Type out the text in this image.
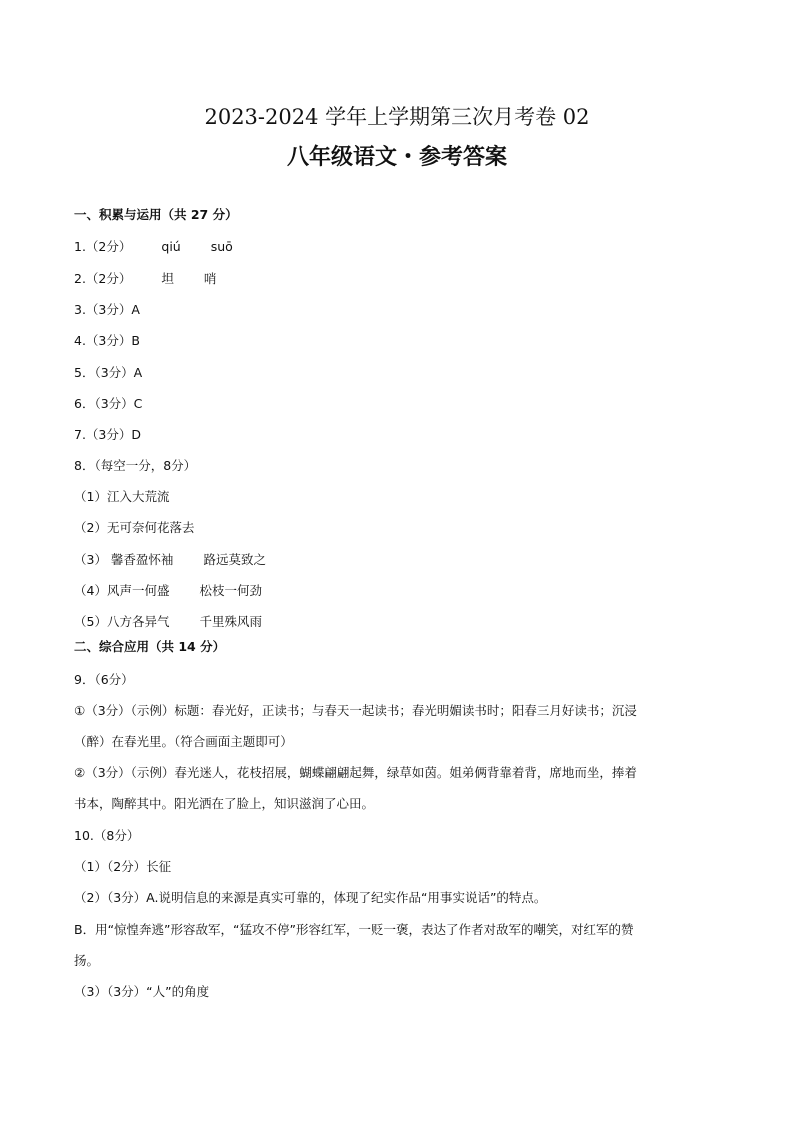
2023-2024 学年上学期第三次月考卷 02
八年级语文・参考答案
一、积累与运用（共 27 分）
1.（2分） qiú suō
2.（2分） 坦 哨
3.（3分）A
4.（3分）B
5．（3分）A
6．（3分）C
7.（3分）D
8．（每空一分，8分）
（1）江入大荒流
（2）无可奈何花落去
（3） 馨香盈怀袖 路远莫致之
（4）风声一何盛 松枝一何劲
（5）八方各异气 千里殊风雨
二、综合应用（共 14 分）
9．（6分）
①（3分）（示例）标题：春光好，正读书；与春天一起读书；春光明媚读书时；阳春三月好读书；沉浸
（醉）在春光里。（符合画面主题即可）
②（3分）（示例）春光迷人，花枝招展，蝴蝶翩翩起舞，绿草如茵。姐弟俩背靠着背，席地而坐，捧着
书本，陶醉其中。阳光洒在了脸上，知识滋润了心田。
10.（8分）
（1）（2分）长征
（2）（3分）A.说明信息的来源是真实可靠的，体现了纪实作品“用事实说话”的特点。
B．用“惊惶奔逃”形容敌军，“猛攻不停”形容红军，一贬一褒，表达了作者对敌军的嘲笑，对红军的赞
扬。
（3）（3分）“人”的角度
